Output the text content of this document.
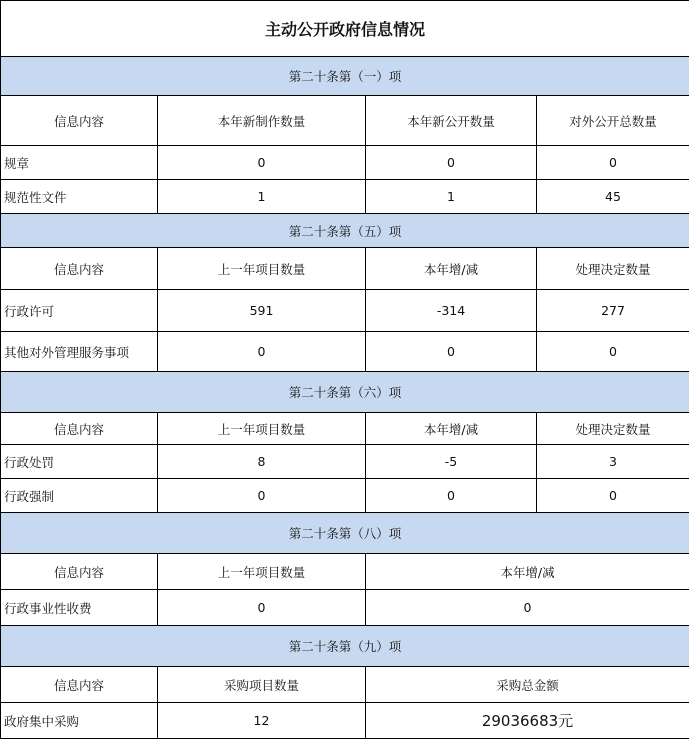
主动公开政府信息情况			
第二十条第（一）项			
信息内容	本年新制作数量	本年新公开数量	对外公开总数量
规章	0	0	0
规范性文件	1	1	45
第二十条第（五）项			
信息内容	上一年项目数量	本年增/减	处理决定数量
行政许可	591	-314	277
其他对外管理服务事项	0	0	0
第二十条第（六）项			
信息内容	上一年项目数量	本年增/减	处理决定数量
行政处罚	8	-5	3
行政强制	0	0	0
第二十条第（八）项			
信息内容	上一年项目数量	本年增/减	
行政事业性收费	0	0	
第二十条第（九）项			
信息内容	采购项目数量	采购总金额	
政府集中采购	12	29036683元	
